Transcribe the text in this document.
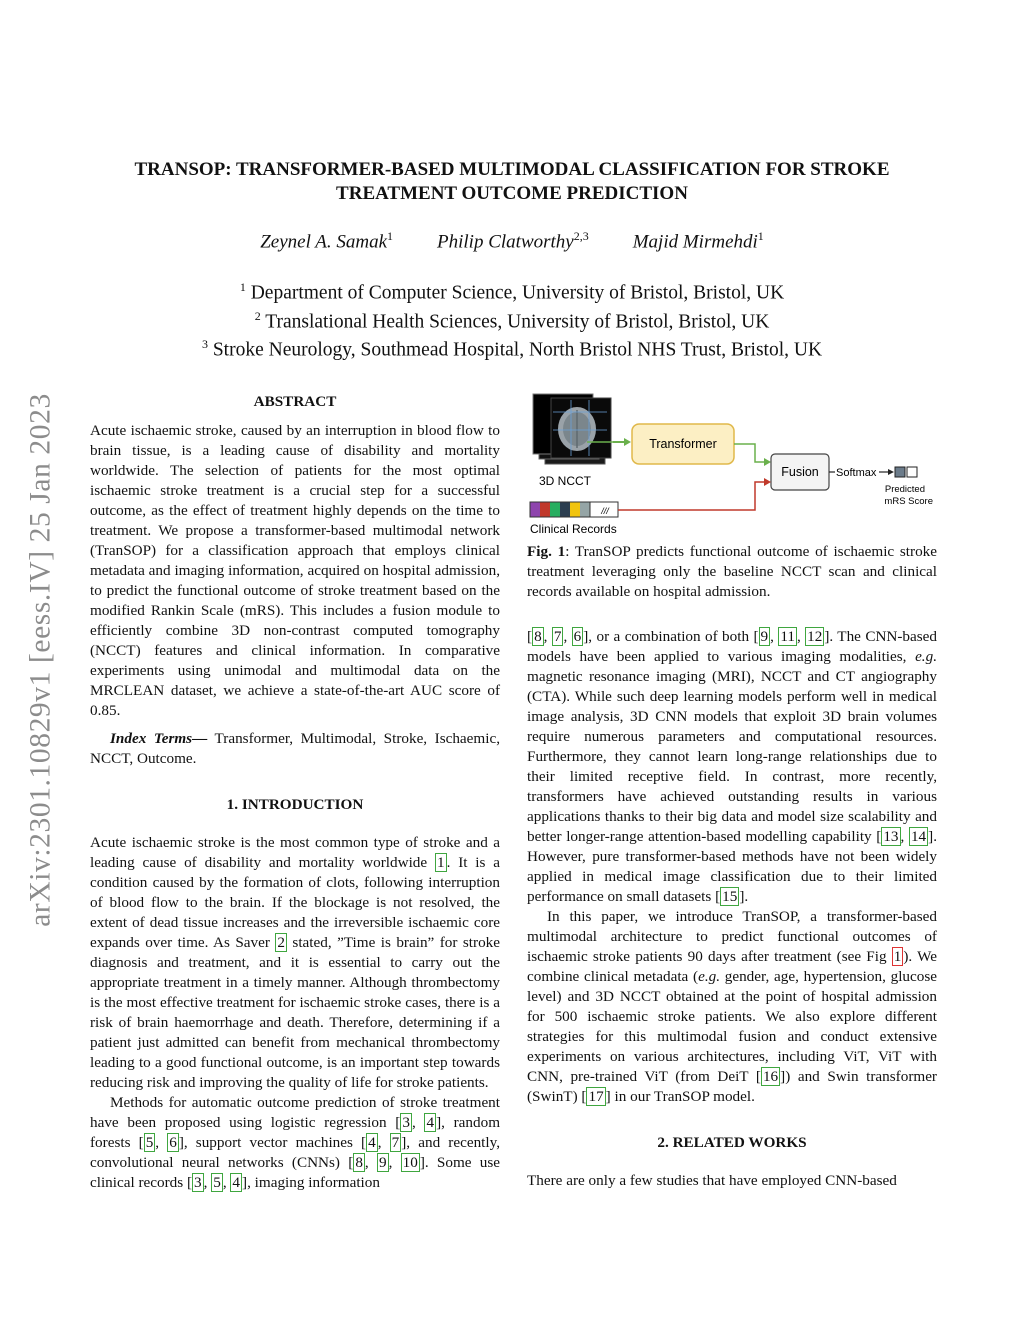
arXiv:2301.10829v1 [eess.IV] 25 Jan 2023
TRANSOP: TRANSFORMER-BASED MULTIMODAL CLASSIFICATION FOR STROKE
TREATMENT OUTCOME PREDICTION
Zeynel A. Samak$^1$ Philip Clatworthy$^{2,3}$ Majid Mirmehdi$^1$
$^1$ Department of Computer Science, University of Bristol, Bristol, UK
$^2$ Translational Health Sciences, University of Bristol, Bristol, UK
$^3$ Stroke Neurology, Southmead Hospital, North Bristol NHS Trust, Bristol, UK
ABSTRACT

Acute ischaemic stroke, caused by an interruption in blood flow to brain tissue, is a leading cause of disability and mortality worldwide. The selection of patients for the most optimal ischaemic stroke treatment is a crucial step for a successful outcome, as the effect of treatment highly depends on the time to treatment. We propose a transformer-based multimodal network (TranSOP) for a classification approach that employs clinical metadata and imaging information, acquired on hospital admission, to predict the functional outcome of stroke treatment based on the modified Rankin Scale (mRS). This includes a fusion module to efficiently combine 3D non-contrast computed tomography (NCCT) features and clinical information. In comparative experiments using unimodal and multimodal data on the MRCLEAN dataset, we achieve a state-of-the-art AUC score of 0.85.

Index Terms— Transformer, Multimodal, Stroke, Ischaemic, NCCT, Outcome.

1. INTRODUCTION

Acute ischaemic stroke is the most common type of stroke and a leading cause of disability and mortality worldwide 1 . It is a condition caused by the formation of clots, following interruption of blood flow to the brain. If the blockage is not resolved, the extent of dead tissue increases and the irreversible ischaemic core expands over time. As Saver 2 stated, ”Time is brain” for stroke diagnosis and treatment, and it is essential to carry out the appropriate treatment in a timely manner. Although thrombectomy is the most effective treatment for ischaemic stroke cases, there is a risk of brain haemorrhage and death. Therefore, determining if a patient just admitted can benefit from mechanical thrombectomy leading to a good functional outcome, is an important step towards reducing risk and improving the quality of life for stroke patients.

Methods for automatic outcome prediction of stroke treatment have been proposed using logistic regression [ 3 , 4 ], random forests [ 5 , 6 ], support vector machines [ 4 , 7 ], and recently, convolutional neural networks (CNNs) [ 8 , 9 , 10 ]. Some use clinical records [ 3 , 5 , 4 ], imaging information

3D NCCT
Transformer
Fusion Softmax
Predicted
mRS Score
///
Clinical Records
Fig. 1: TranSOP predicts functional outcome of ischaemic stroke treatment leveraging only the baseline NCCT scan and clinical records available on hospital admission.

[ 8 , 7 , 6 ], or a combination of both [ 9 , 11 , 12 ]. The CNN-based models have been applied to various imaging modalities, e.g. magnetic resonance imaging (MRI), NCCT and CT angiography (CTA). While such deep learning models perform well in medical image analysis, 3D CNN models that exploit 3D brain volumes require numerous parameters and computational resources. Furthermore, they cannot learn long-range relationships due to their limited receptive field. In contrast, more recently, transformers have achieved outstanding results in various applications thanks to their big data and model size scalability and better longer-range attention-based modelling capability [ 13 , 14 ]. However, pure transformer-based methods have not been widely applied in medical image classification due to their limited performance on small datasets [ 15 ].

In this paper, we introduce TranSOP, a transformer-based multimodal architecture to predict functional outcomes of ischaemic stroke patients 90 days after treatment (see Fig 1 ). We combine clinical metadata (e.g. gender, age, hypertension, glucose level) and 3D NCCT obtained at the point of hospital admission for 500 ischaemic stroke patients. We also explore different strategies for this multimodal fusion and conduct extensive experiments on various architectures, including ViT, ViT with CNN, pre-trained ViT (from DeiT [ 16 ]) and Swin transformer (SwinT) [ 17 ] in our TranSOP model.

2. RELATED WORKS

There are only a few studies that have employed CNN-based
